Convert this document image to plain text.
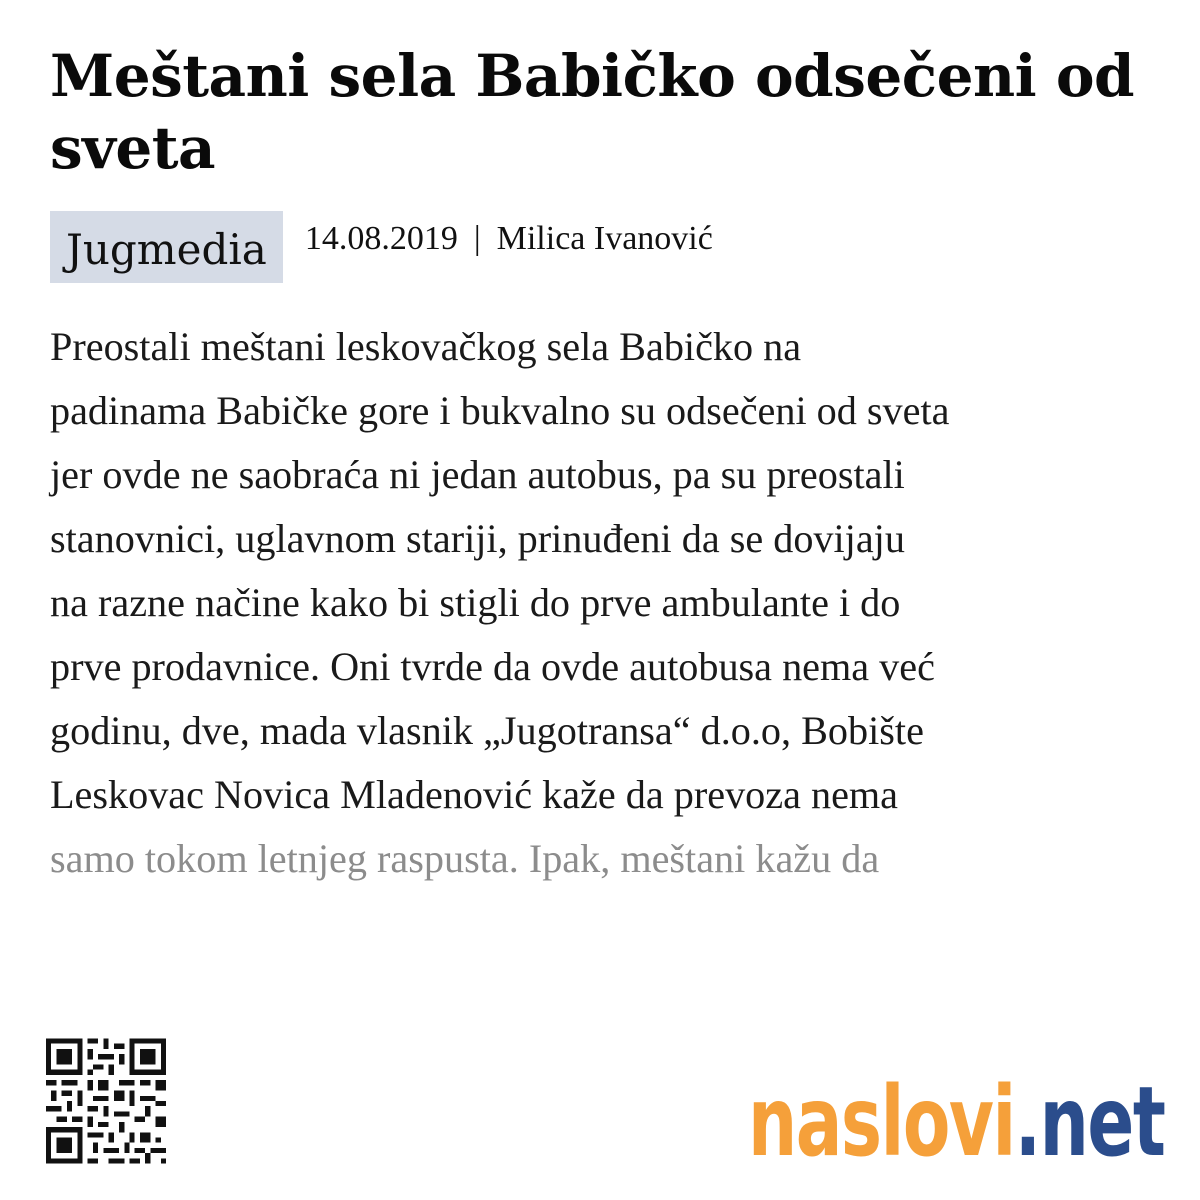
Meštani sela Babičko odsečeni od sveta
Jugmedia	14.08.2019 | Milica Ivanović
Preostali meštani leskovačkog sela Babičko na
padinama Babičke gore i bukvalno su odsečeni od sveta
jer ovde ne saobraća ni jedan autobus, pa su preostali
stanovnici, uglavnom stariji, prinuđeni da se dovijaju
na razne načine kako bi stigli do prve ambulante i do
prve prodavnice. Oni tvrde da ovde autobusa nema već
godinu, dve, mada vlasnik „Jugotransa“ d.o.o, Bobište
Leskovac Novica Mladenović kaže da prevoza nema
samo tokom letnjeg raspusta. Ipak, meštani kažu da
naslovi .net
